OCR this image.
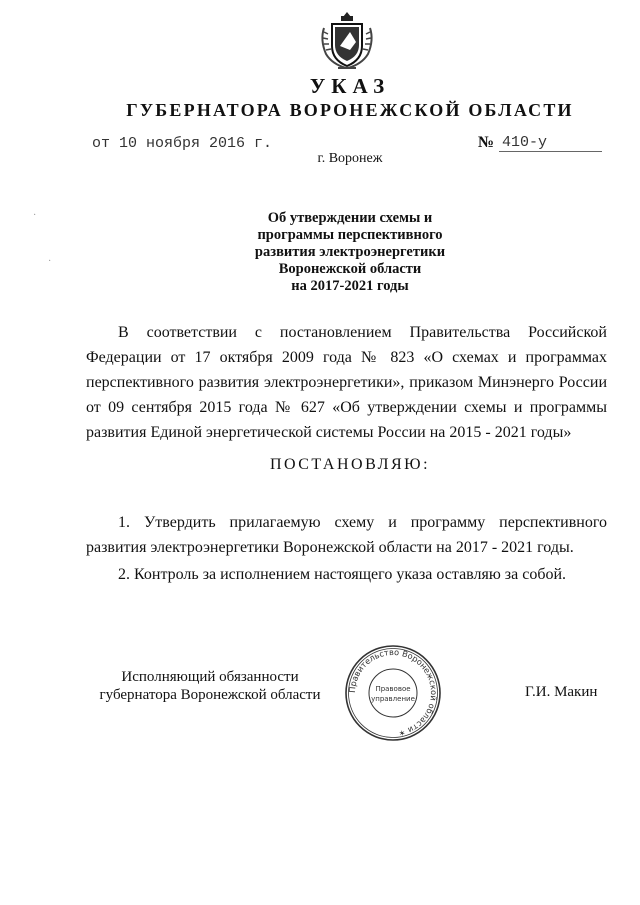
УКАЗ
ГУБЕРНАТОРА ВОРОНЕЖСКОЙ ОБЛАСТИ
от 10 ноября 2016 г.	№ 410-у
г. Воронеж
·
·
Об утверждении схемы и
программы перспективного
развития электроэнергетики
Воронежской области
на 2017-2021 годы
В соответствии с постановлением Правительства Российской Федерации от 17 октября 2009 года № 823 «О схемах и программах перспективного развития электроэнергетики», приказом Минэнерго России от 09 сентября 2015 года № 627 «Об утверждении схемы и программы развития Единой энергетической системы России на 2015 - 2021 годы»
ПОСТАНОВЛЯЮ:
1. Утвердить прилагаемую схему и программу перспективного развития электроэнергетики Воронежской области на 2017 - 2021 годы.
2. Контроль за исполнением настоящего указа оставляю за собой.
Исполняющий обязанности
губернатора Воронежской области	Правительство Воронежской области ✶
Правовое
управление	Г.И. Макин
